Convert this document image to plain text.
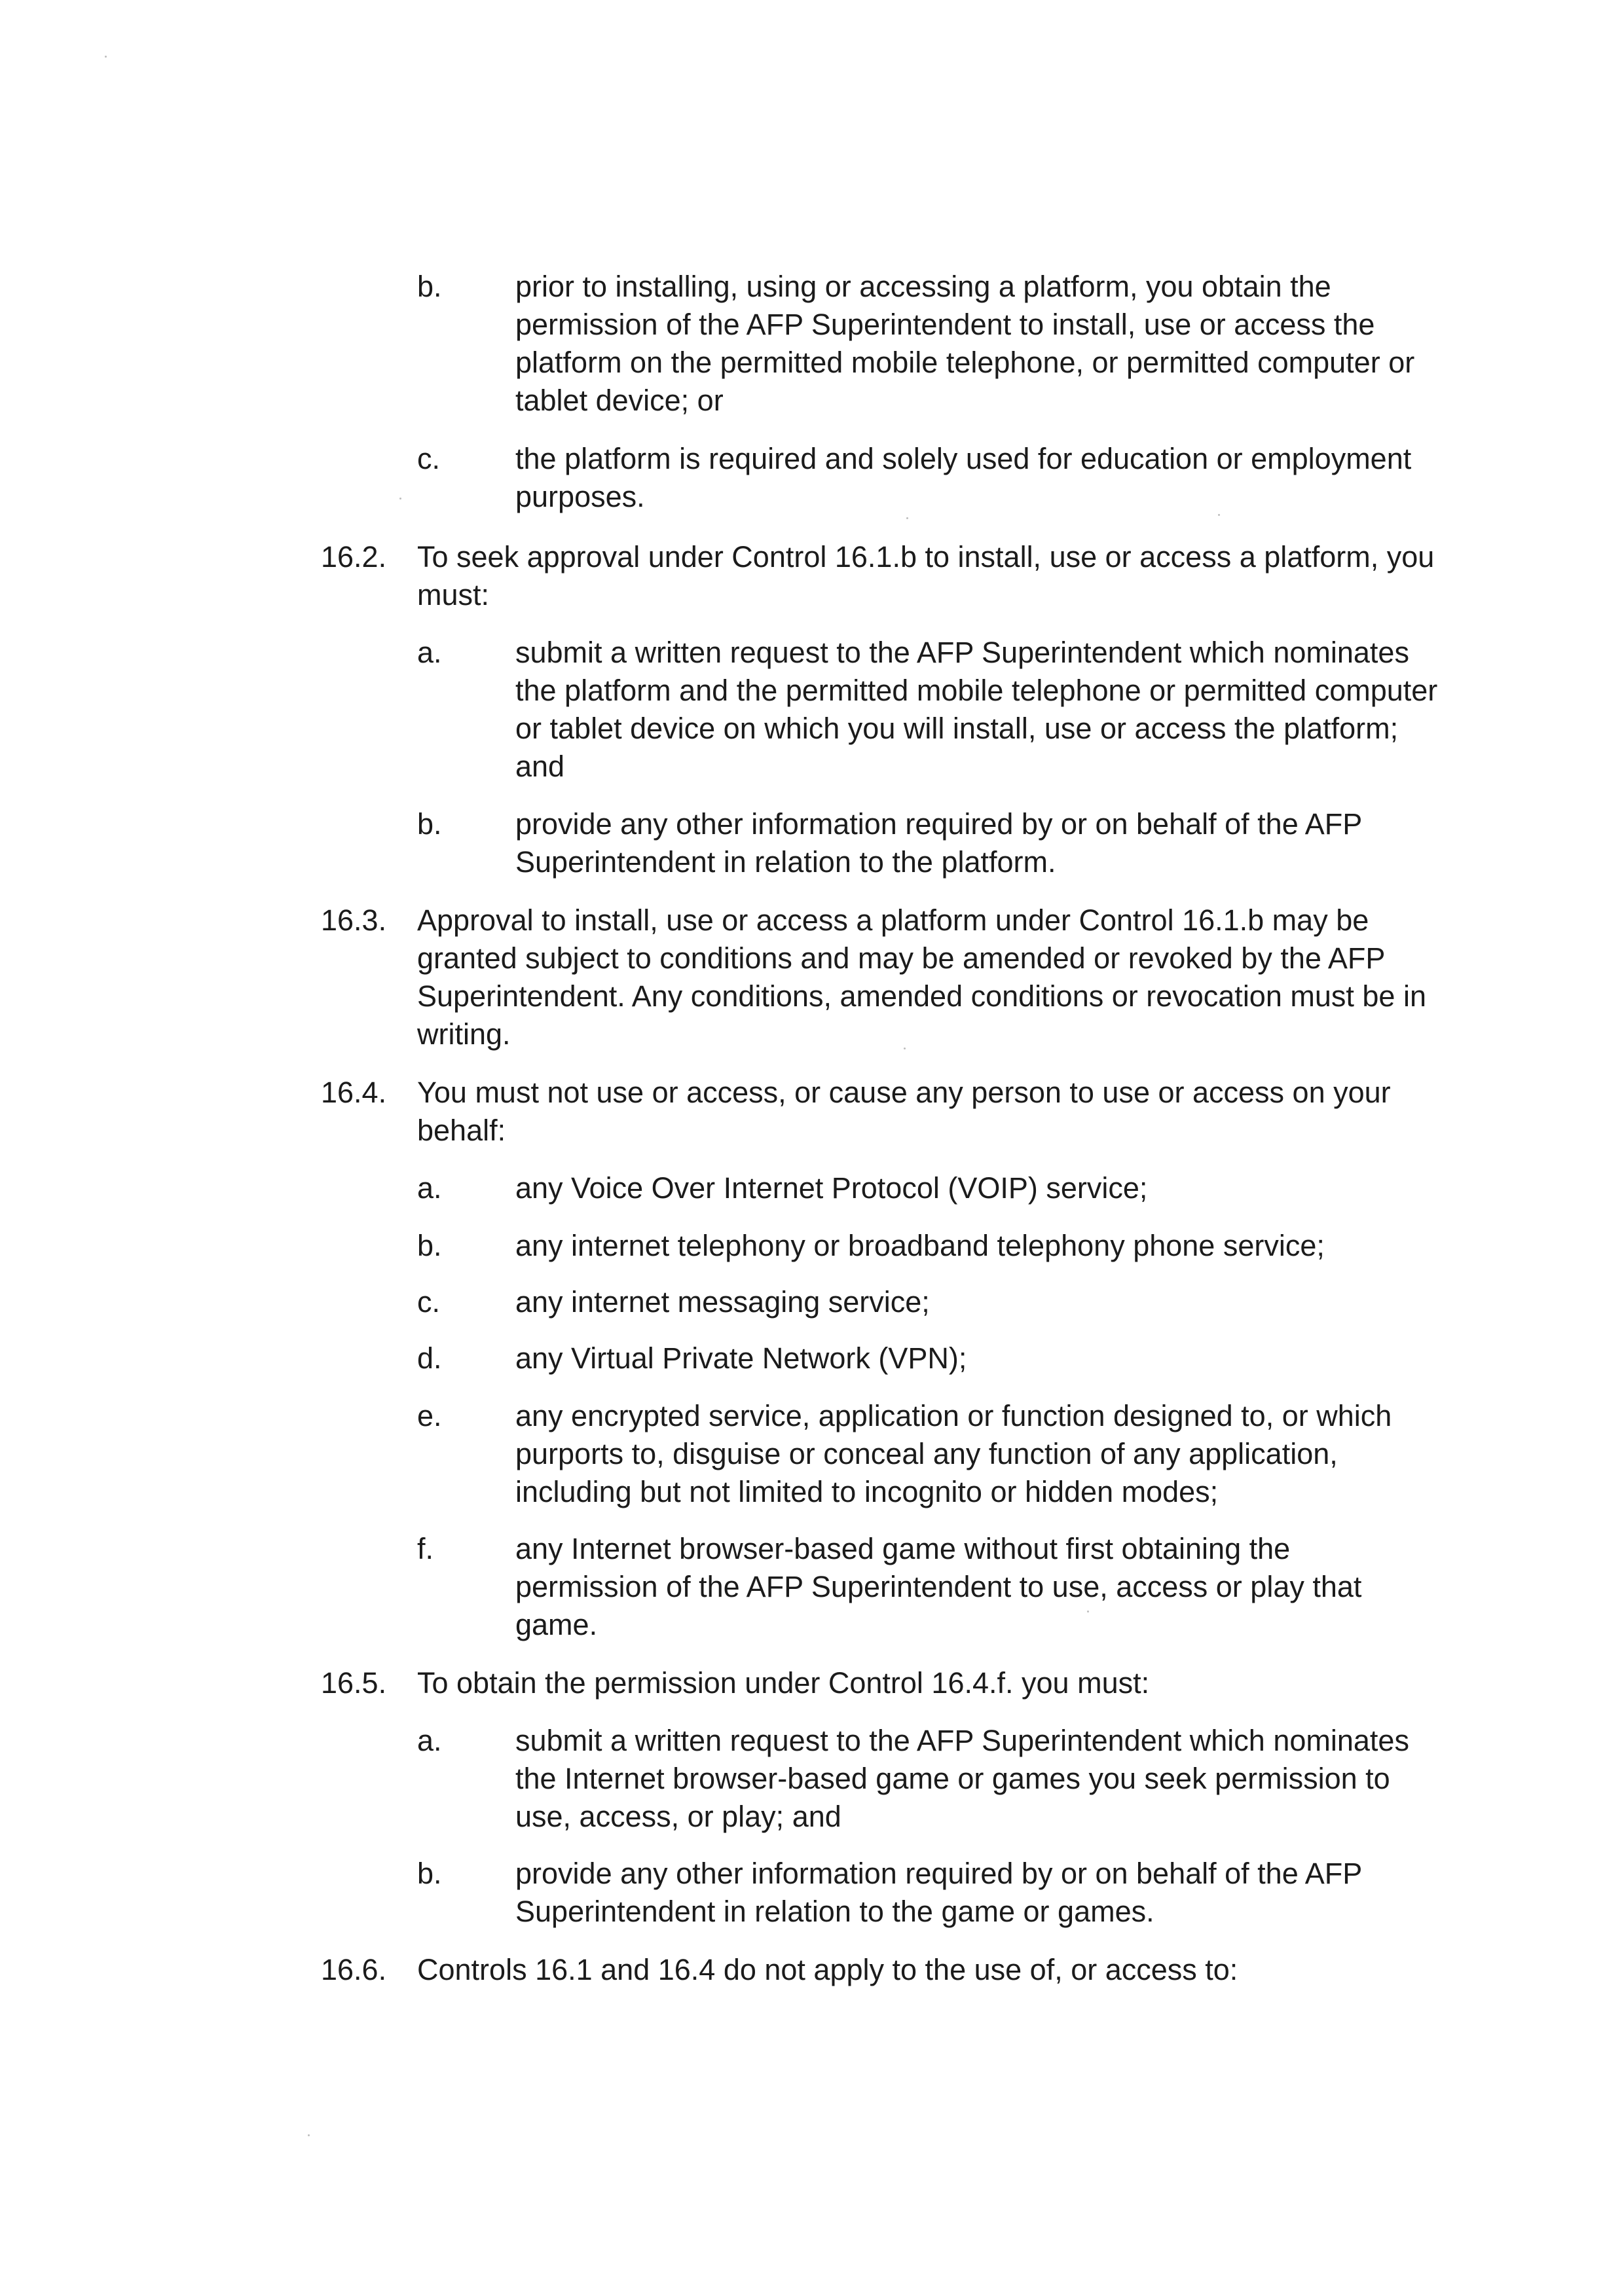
b.	prior to installing, using or accessing a platform, you obtain the permission of the AFP Superintendent to install, use or access the platform on the permitted mobile telephone, or permitted computer or tablet device; or
c.	the platform is required and solely used for education or employment purposes.
16.2.	To seek approval under Control 16.1.b to install, use or access a platform, you must:
a.	submit a written request to the AFP Superintendent which nominates the platform and the permitted mobile telephone or permitted computer or tablet device on which you will install, use or access the platform; and
b.	provide any other information required by or on behalf of the AFP Superintendent in relation to the platform.
16.3.	Approval to install, use or access a platform under Control 16.1.b may be granted subject to conditions and may be amended or revoked by the AFP Superintendent. Any conditions, amended conditions or revocation must be in writing.
16.4.	You must not use or access, or cause any person to use or access on your behalf:
a.	any Voice Over Internet Protocol (VOIP) service;
b.	any internet telephony or broadband telephony phone service;
c.	any internet messaging service;
d.	any Virtual Private Network (VPN);
e.	any encrypted service, application or function designed to, or which purports to, disguise or conceal any function of any application, including but not limited to incognito or hidden modes;
f.	any Internet browser-based game without first obtaining the permission of the AFP Superintendent to use, access or play that game.
16.5.	To obtain the permission under Control 16.4.f. you must:
a.	submit a written request to the AFP Superintendent which nominates the Internet browser-based game or games you seek permission to use, access, or play; and
b.	provide any other information required by or on behalf of the AFP Superintendent in relation to the game or games.
16.6.	Controls 16.1 and 16.4 do not apply to the use of, or access to:
